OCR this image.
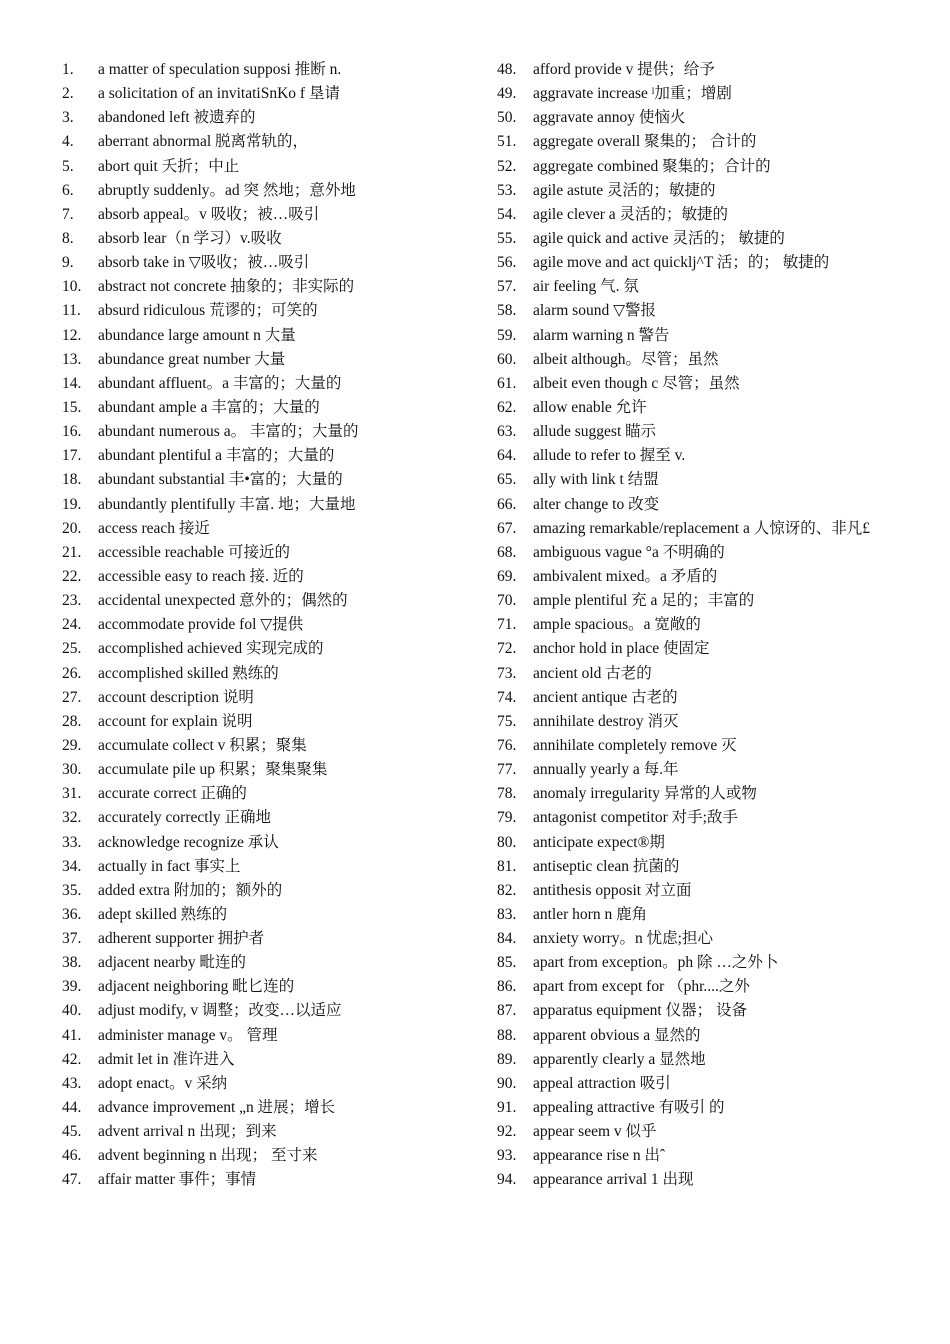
1. a matter of speculation supposi 推断 n.
2. a solicitation of an invitatiSnKo f 垦请
3. abandoned left 被遗弃的
4. aberrant abnormal 脱离常轨的，
5. abort quit 夭折；中止
6. abruptly suddenly。ad 突 然地；意外地
7. absorb appeal。v 吸收；被…吸引
8. absorb lear（n 学习）v.吸收
9. absorb take in ▽吸收；被…吸引
10. abstract not concrete 抽象的；非实际的
11. absurd ridiculous 荒谬的；可笑的
12. abundance large amount n 大量
13. abundance great number 大量
14. abundant affluent。a 丰富的；大量的
15. abundant ample a 丰富的；大量的
16. abundant numerous a。 丰富的；大量的
17. abundant plentiful a 丰富的；大量的
18. abundant substantial 丰•富的；大量的
19. abundantly plentifully 丰富. 地；大量地
20. access reach 接近
21. accessible reachable 可接近的
22. accessible easy to reach 接. 近的
23. accidental unexpected 意外的；偶然的
24. accommodate provide fol ▽提供
25. accomplished achieved 实现完成的
26. accomplished skilled 熟练的
27. account description 说明
28. account for explain 说明
29. accumulate collect v 积累；聚集
30. accumulate pile up 积累；聚集聚集
31. accurate correct 正确的
32. accurately correctly 正确地
33. acknowledge recognize 承认
34. actually in fact 事实上
35. added extra 附加的；额外的
36. adept skilled 熟练的
37. adherent supporter 拥护者
38. adjacent nearby 毗连的
39. adjacent neighboring 毗匕连的
40. adjust modify, v 调整；改变…以适应
41. administer manage v。 管理
42. admit let in 准许进入
43. adopt enact。v 采纳
44. advance improvement „n 进展；增长
45. advent arrival n 出现；到来
46. advent beginning n 出现； 至寸来
47. affair matter 事件；事情
48. afford provide v 提供；给予
49. aggravate increase ˡ加重；增剧
50. aggravate annoy 使恼火
51. aggregate overall 聚集的； 合计的
52. aggregate combined 聚集的；合计的
53. agile astute 灵活的；敏捷的
54. agile clever a 灵活的；敏捷的
55. agile quick and active 灵活的； 敏捷的
56. agile move and act quicklj^T 活；的； 敏捷的
57. air feeling 气. 氛
58. alarm sound ▽警报
59. alarm warning n 警告
60. albeit although。尽管；虽然
61. albeit even though c 尽管；虽然
62. allow enable 允许
63. allude suggest 瞄示
64. allude to refer to 握至 v.
65. ally with link t 结盟
66. alter change to 改变
67. amazing remarkable/replacement a 人惊讶的、非凡£
68. ambiguous vague °a 不明确的
69. ambivalent mixed。a 矛盾的
70. ample plentiful 充 a 足的；丰富的
71. ample spacious。a 宽敞的
72. anchor hold in place 使固定
73. ancient old 古老的
74. ancient antique 古老的
75. annihilate destroy 消灭
76. annihilate completely remove 灭
77. annually yearly a 每.年
78. anomaly irregularity 异常的人或物
79. antagonist competitor 对手;敌手
80. anticipate expect®期
81. antiseptic clean 抗菌的
82. antithesis opposit 对立面
83. antler horn n 鹿角
84. anxiety worry。n 忧虑;担心
85. apart from exception。ph 除 …之外卜
86. apart from except for （phr....之外
87. apparatus equipment 仪器； 设备
88. apparent obvious a 显然的
89. apparently clearly a 显然地
90. appeal attraction 吸引
91. appealing attractive 有吸引 的
92. appear seem v 似乎
93. appearance rise n 出ˆ
94. appearance arrival 1 出现
